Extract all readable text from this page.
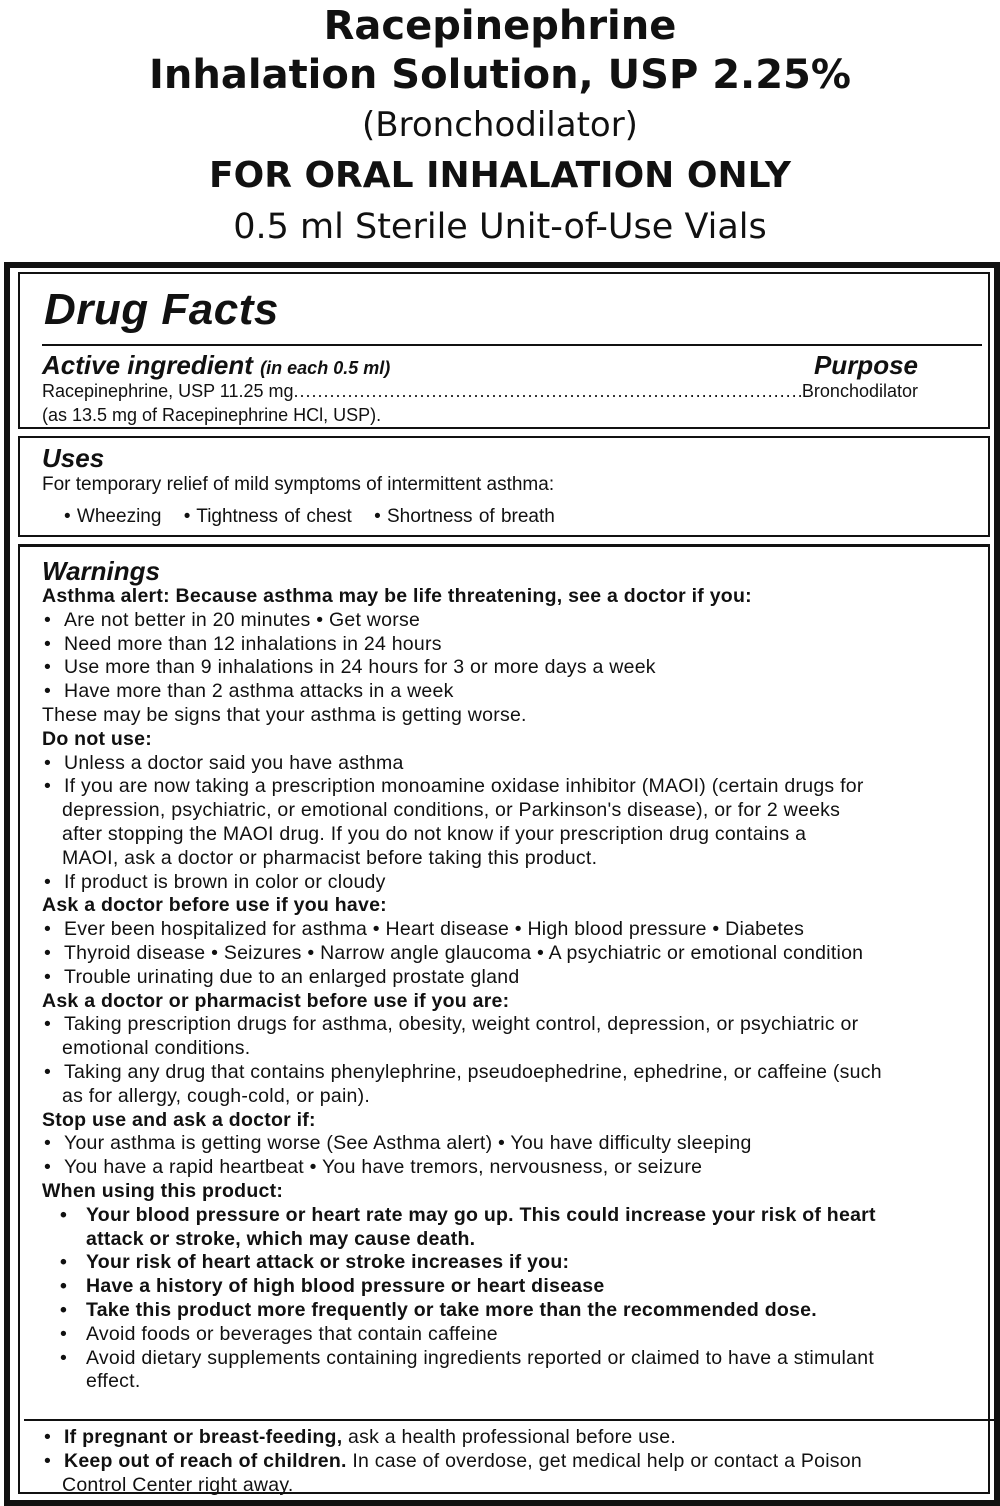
Racepinephrine
Inhalation Solution, USP 2.25%
(Bronchodilator)
FOR ORAL INHALATION ONLY
0.5 ml Sterile Unit-of-Use Vials
Drug Facts
Active ingredient (in each 0.5 ml)	Purpose
Racepinephrine, USP 11.25 mg
.....	Bronchodilator
(as 13.5 mg of Racepinephrine HCl, USP).
Uses
For temporary relief of mild symptoms of intermittent asthma:
• Wheezing • Tightness of chest • Shortness of breath
Warnings
Asthma alert: Because asthma may be life threatening, see a doctor if you:
• Are not better in 20 minutes • Get worse
• Need more than 12 inhalations in 24 hours
• Use more than 9 inhalations in 24 hours for 3 or more days a week
• Have more than 2 asthma attacks in a week
These may be signs that your asthma is getting worse.
Do not use:
• Unless a doctor said you have asthma
• If you are now taking a prescription monoamine oxidase inhibitor (MAOI) (certain drugs for
depression, psychiatric, or emotional conditions, or Parkinson's disease), or for 2 weeks
after stopping the MAOI drug. If you do not know if your prescription drug contains a
MAOI, ask a doctor or pharmacist before taking this product.
• If product is brown in color or cloudy
Ask a doctor before use if you have:
• Ever been hospitalized for asthma • Heart disease • High blood pressure • Diabetes
• Thyroid disease • Seizures • Narrow angle glaucoma • A psychiatric or emotional condition
• Trouble urinating due to an enlarged prostate gland
Ask a doctor or pharmacist before use if you are:
• Taking prescription drugs for asthma, obesity, weight control, depression, or psychiatric or
emotional conditions.
• Taking any drug that contains phenylephrine, pseudoephedrine, ephedrine, or caffeine (such
as for allergy, cough-cold, or pain).
Stop use and ask a doctor if:
• Your asthma is getting worse (See Asthma alert) • You have difficulty sleeping
• You have a rapid heartbeat • You have tremors, nervousness, or seizure
When using this product:
• Your blood pressure or heart rate may go up. This could increase your risk of heart
attack or stroke, which may cause death.
• Your risk of heart attack or stroke increases if you:
• Have a history of high blood pressure or heart disease
• Take this product more frequently or take more than the recommended dose.
• Avoid foods or beverages that contain caffeine
• Avoid dietary supplements containing ingredients reported or claimed to have a stimulant
effect.
• If pregnant or breast-feeding, ask a health professional before use.
• Keep out of reach of children. In case of overdose, get medical help or contact a Poison
Control Center right away.
